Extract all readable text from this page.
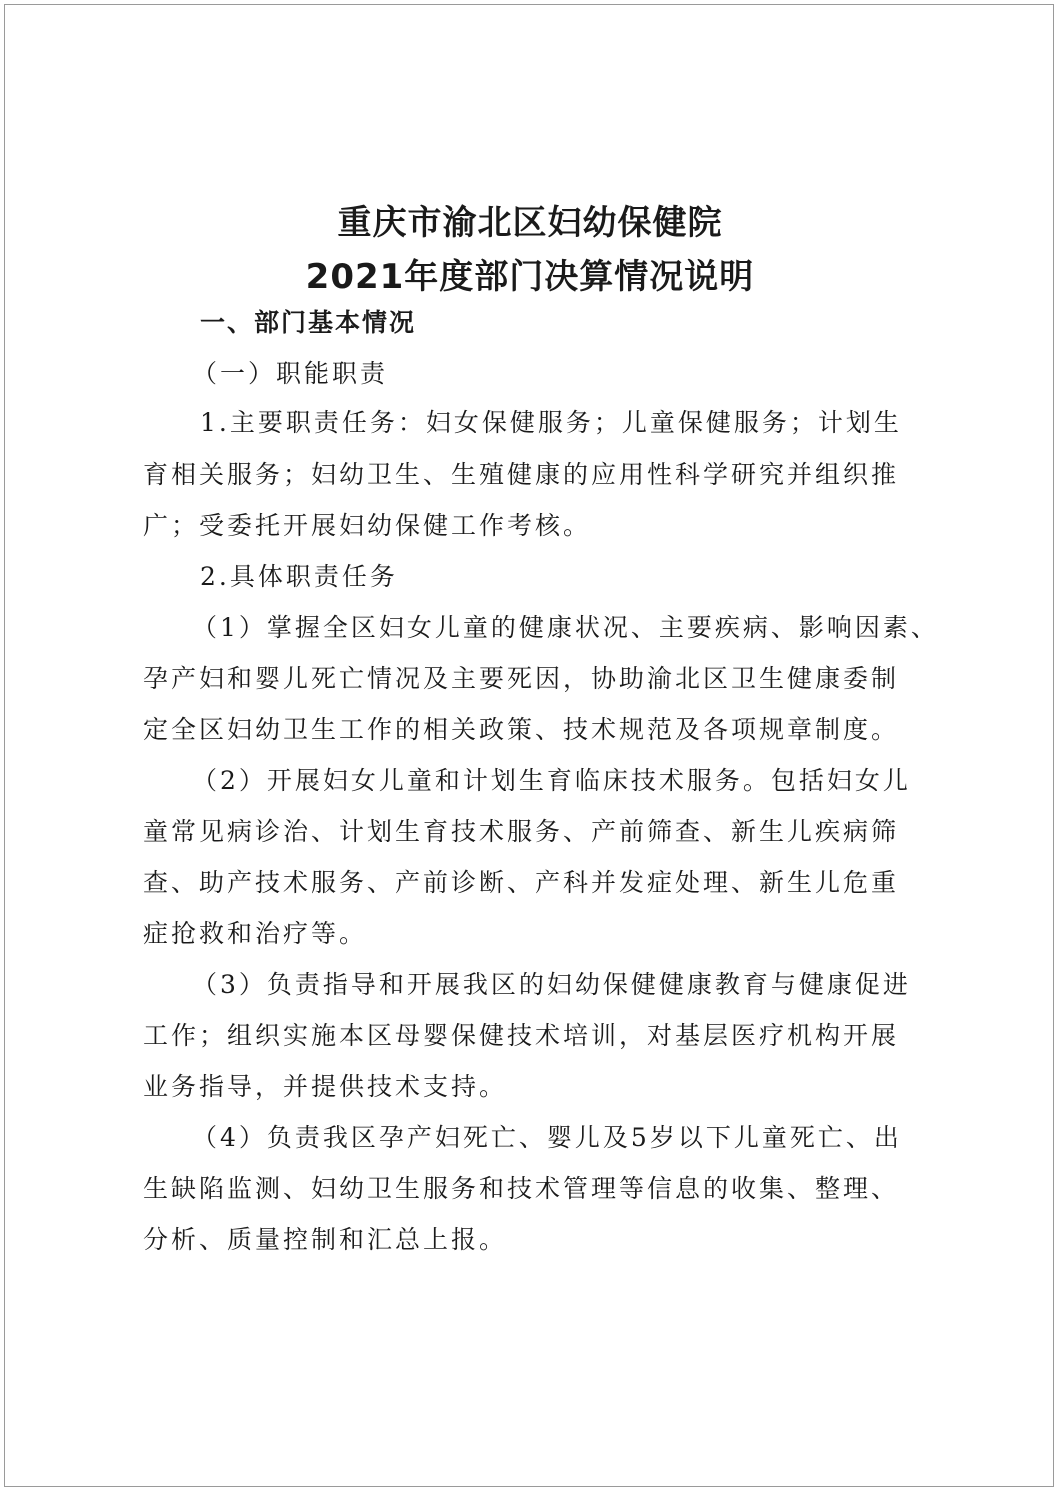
重庆市渝北区妇幼保健院
2021年度部门决算情况说明
一、部门基本情况
（一）职能职责
1.主要职责任务：妇女保健服务；儿童保健服务；计划生
育相关服务；妇幼卫生、生殖健康的应用性科学研究并组织推
广；受委托开展妇幼保健工作考核。
2.具体职责任务
（1）掌握全区妇女儿童的健康状况、主要疾病、影响因素、
孕产妇和婴儿死亡情况及主要死因，协助渝北区卫生健康委制
定全区妇幼卫生工作的相关政策、技术规范及各项规章制度。
（2）开展妇女儿童和计划生育临床技术服务。包括妇女儿
童常见病诊治、计划生育技术服务、产前筛查、新生儿疾病筛
查、助产技术服务、产前诊断、产科并发症处理、新生儿危重
症抢救和治疗等。
（3）负责指导和开展我区的妇幼保健健康教育与健康促进
工作；组织实施本区母婴保健技术培训，对基层医疗机构开展
业务指导，并提供技术支持。
（4）负责我区孕产妇死亡、婴儿及5岁以下儿童死亡、出
生缺陷监测、妇幼卫生服务和技术管理等信息的收集、整理、
分析、质量控制和汇总上报。
